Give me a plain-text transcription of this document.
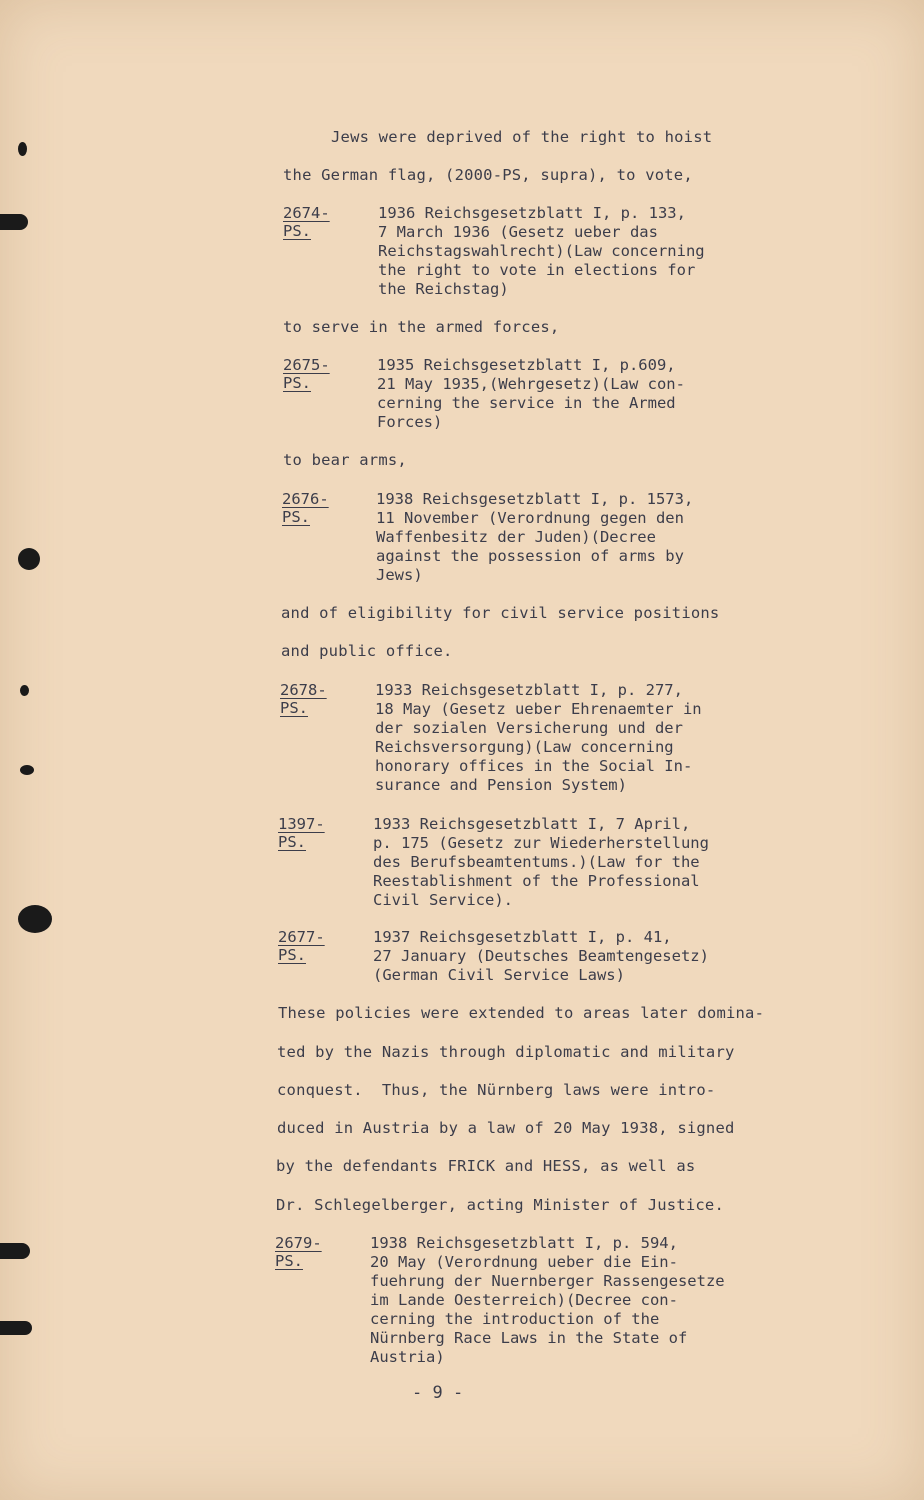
Jews were deprived of the right to hoist
the German flag, (2000-PS, supra), to vote,
2674-PS.
1936 Reichsgesetzblatt I, p. 133,
7 March 1936 (Gesetz ueber das
Reichstagswahlrecht)(Law concerning
the right to vote in elections for
the Reichstag)
to serve in the armed forces,
2675-PS.
1935 Reichsgesetzblatt I, p.609,
21 May 1935,(Wehrgesetz)(Law con-
cerning the service in the Armed
Forces)
to bear arms,
2676-PS.
1938 Reichsgesetzblatt I, p. 1573,
11 November (Verordnung gegen den
Waffenbesitz der Juden)(Decree
against the possession of arms by
Jews)
and of eligibility for civil service positions
and public office.
2678-PS.
1933 Reichsgesetzblatt I, p. 277,
18 May (Gesetz ueber Ehrenaemter in
der sozialen Versicherung und der
Reichsversorgung)(Law concerning
honorary offices in the Social In-
surance and Pension System)
1397-PS.
1933 Reichsgesetzblatt I, 7 April,
p. 175 (Gesetz zur Wiederherstellung
des Berufsbeamtentums.)(Law for the
Reestablishment of the Professional
Civil Service).
2677-PS.
1937 Reichsgesetzblatt I, p. 41,
27 January (Deutsches Beamtengesetz)
(German Civil Service Laws)
These policies were extended to areas later domina-
ted by the Nazis through diplomatic and military
conquest.  Thus, the Nürnberg laws were intro-
duced in Austria by a law of 20 May 1938, signed
by the defendants FRICK and HESS, as well as
Dr. Schlegelberger, acting Minister of Justice.
2679-PS.
1938 Reichsgesetzblatt I, p. 594,
20 May (Verordnung ueber die Ein-
fuehrung der Nuernberger Rassengesetze
im Lande Oesterreich)(Decree con-
cerning the introduction of the
Nürnberg Race Laws in the State of
Austria)
- 9 -
